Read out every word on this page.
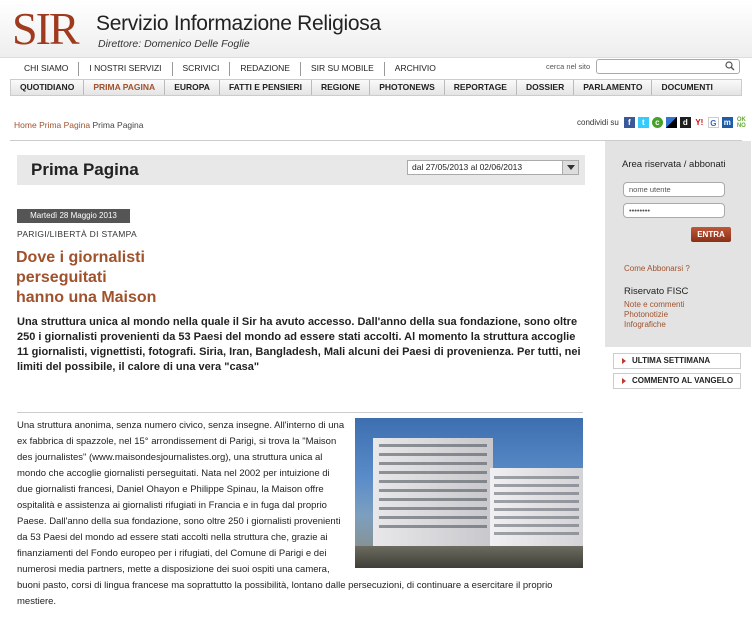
SIR Servizio Informazione Religiosa
Direttore: Domenico Delle Foglie
CHI SIAMO	I NOSTRI SERVIZI	SCRIVICI	REDAZIONE	SIR SU MOBILE	ARCHIVIO	cerca nel sito
QUOTIDIANO	PRIMA PAGINA	EUROPA	FATTI E PENSIERI	REGIONE	PHOTONEWS	REPORTAGE	DOSSIER	PARLAMENTO	DOCUMENTI
Home Prima Pagina Prima Pagina	condividi su	f	t	c	d Y! G m OK
NO
Prima Pagina	dal 27/05/2013 al 02/06/2013
Martedì 28 Maggio 2013
PARIGI/LIBERTÀ DI STAMPA
Dove i giornalisti
perseguitati
hanno una Maison
Una struttura unica al mondo nella quale il Sir ha avuto accesso. Dall'anno della sua fondazione, sono oltre 250 i giornalisti provenienti da 53 Paesi del mondo ad essere stati accolti. Al momento la struttura accoglie 11 giornalisti, vignettisti, fotografi. Siria, Iran, Bangladesh, Mali alcuni dei Paesi di provenienza. Per tutti, nei limiti del possibile, il calore di una vera "casa"
Una struttura anonima, senza numero civico, senza insegne. All'interno di una ex fabbrica di spazzole, nel 15° arrondissement di Parigi, si trova la "Maison des journalistes" (www.maisondesjournalistes.org), una struttura unica al mondo che accoglie giornalisti perseguitati. Nata nel 2002 per intuizione di due giornalisti francesi, Daniel Ohayon e Philippe Spinau, la Maison offre ospitalità e assistenza ai giornalisti rifugiati in Francia e in fuga dal proprio Paese. Dall'anno della sua fondazione, sono oltre 250 i giornalisti provenienti da 53 Paesi del mondo ad essere stati accolti nella struttura che, grazie ai finanziamenti del Fondo europeo per i rifugiati, del Comune di Parigi e dei numerosi media partners, mette a disposizione dei suoi ospiti una camera, buoni pasto, corsi di lingua francese ma soprattutto la possibilità, lontano dalle persecuzioni, di continuare a esercitare il proprio mestiere.
Area riservata / abbonati
nome utente
••••••••
ENTRA
Come Abbonarsi ?
Riservato FISC
Note e commenti
Photonotizie
Infografiche
ULTIMA SETTIMANA
COMMENTO AL VANGELO
